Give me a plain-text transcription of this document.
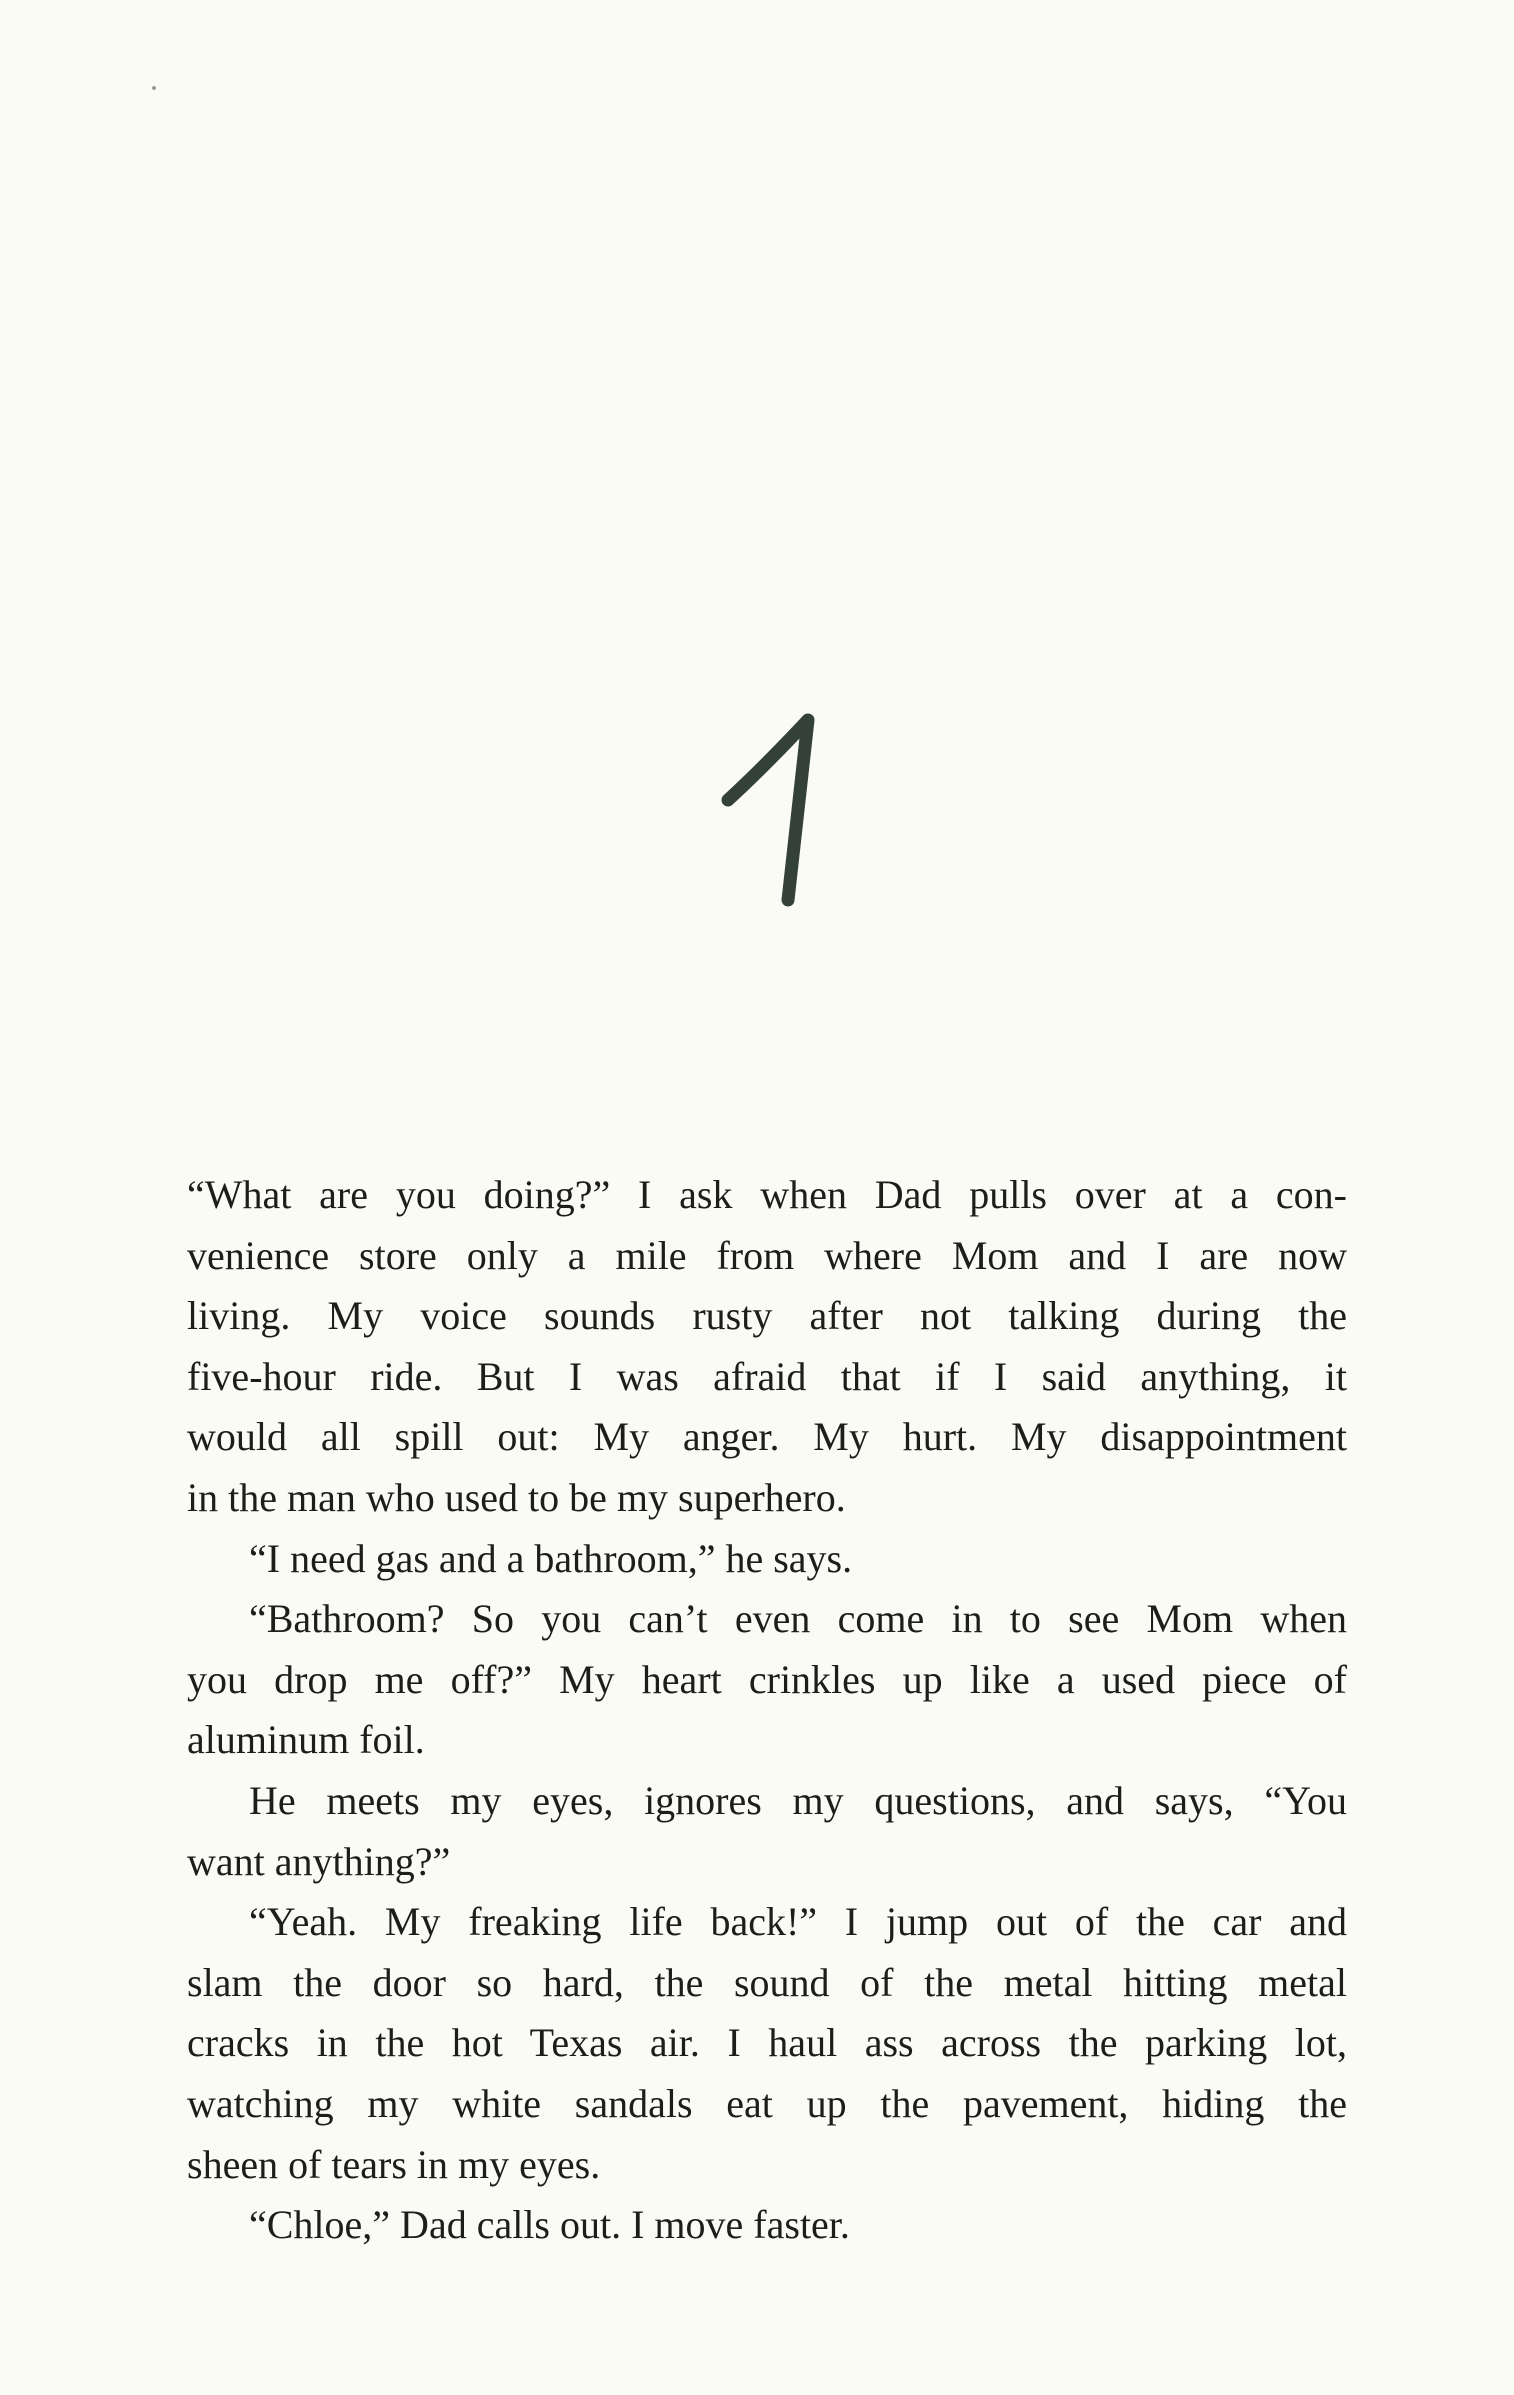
“What are you doing?” I ask when Dad pulls over at a con-
venience store only a mile from where Mom and I are now
living. My voice sounds rusty after not talking during the
five-hour ride. But I was afraid that if I said anything, it
would all spill out: My anger. My hurt. My disappointment
in the man who used to be my superhero.
“I need gas and a bathroom,” he says.
“Bathroom? So you can’t even come in to see Mom when
you drop me off?” My heart crinkles up like a used piece of
aluminum foil.
He meets my eyes, ignores my questions, and says, “You
want anything?”
“Yeah. My freaking life back!” I jump out of the car and
slam the door so hard, the sound of the metal hitting metal
cracks in the hot Texas air. I haul ass across the parking lot,
watching my white sandals eat up the pavement, hiding the
sheen of tears in my eyes.
“Chloe,” Dad calls out. I move faster.
